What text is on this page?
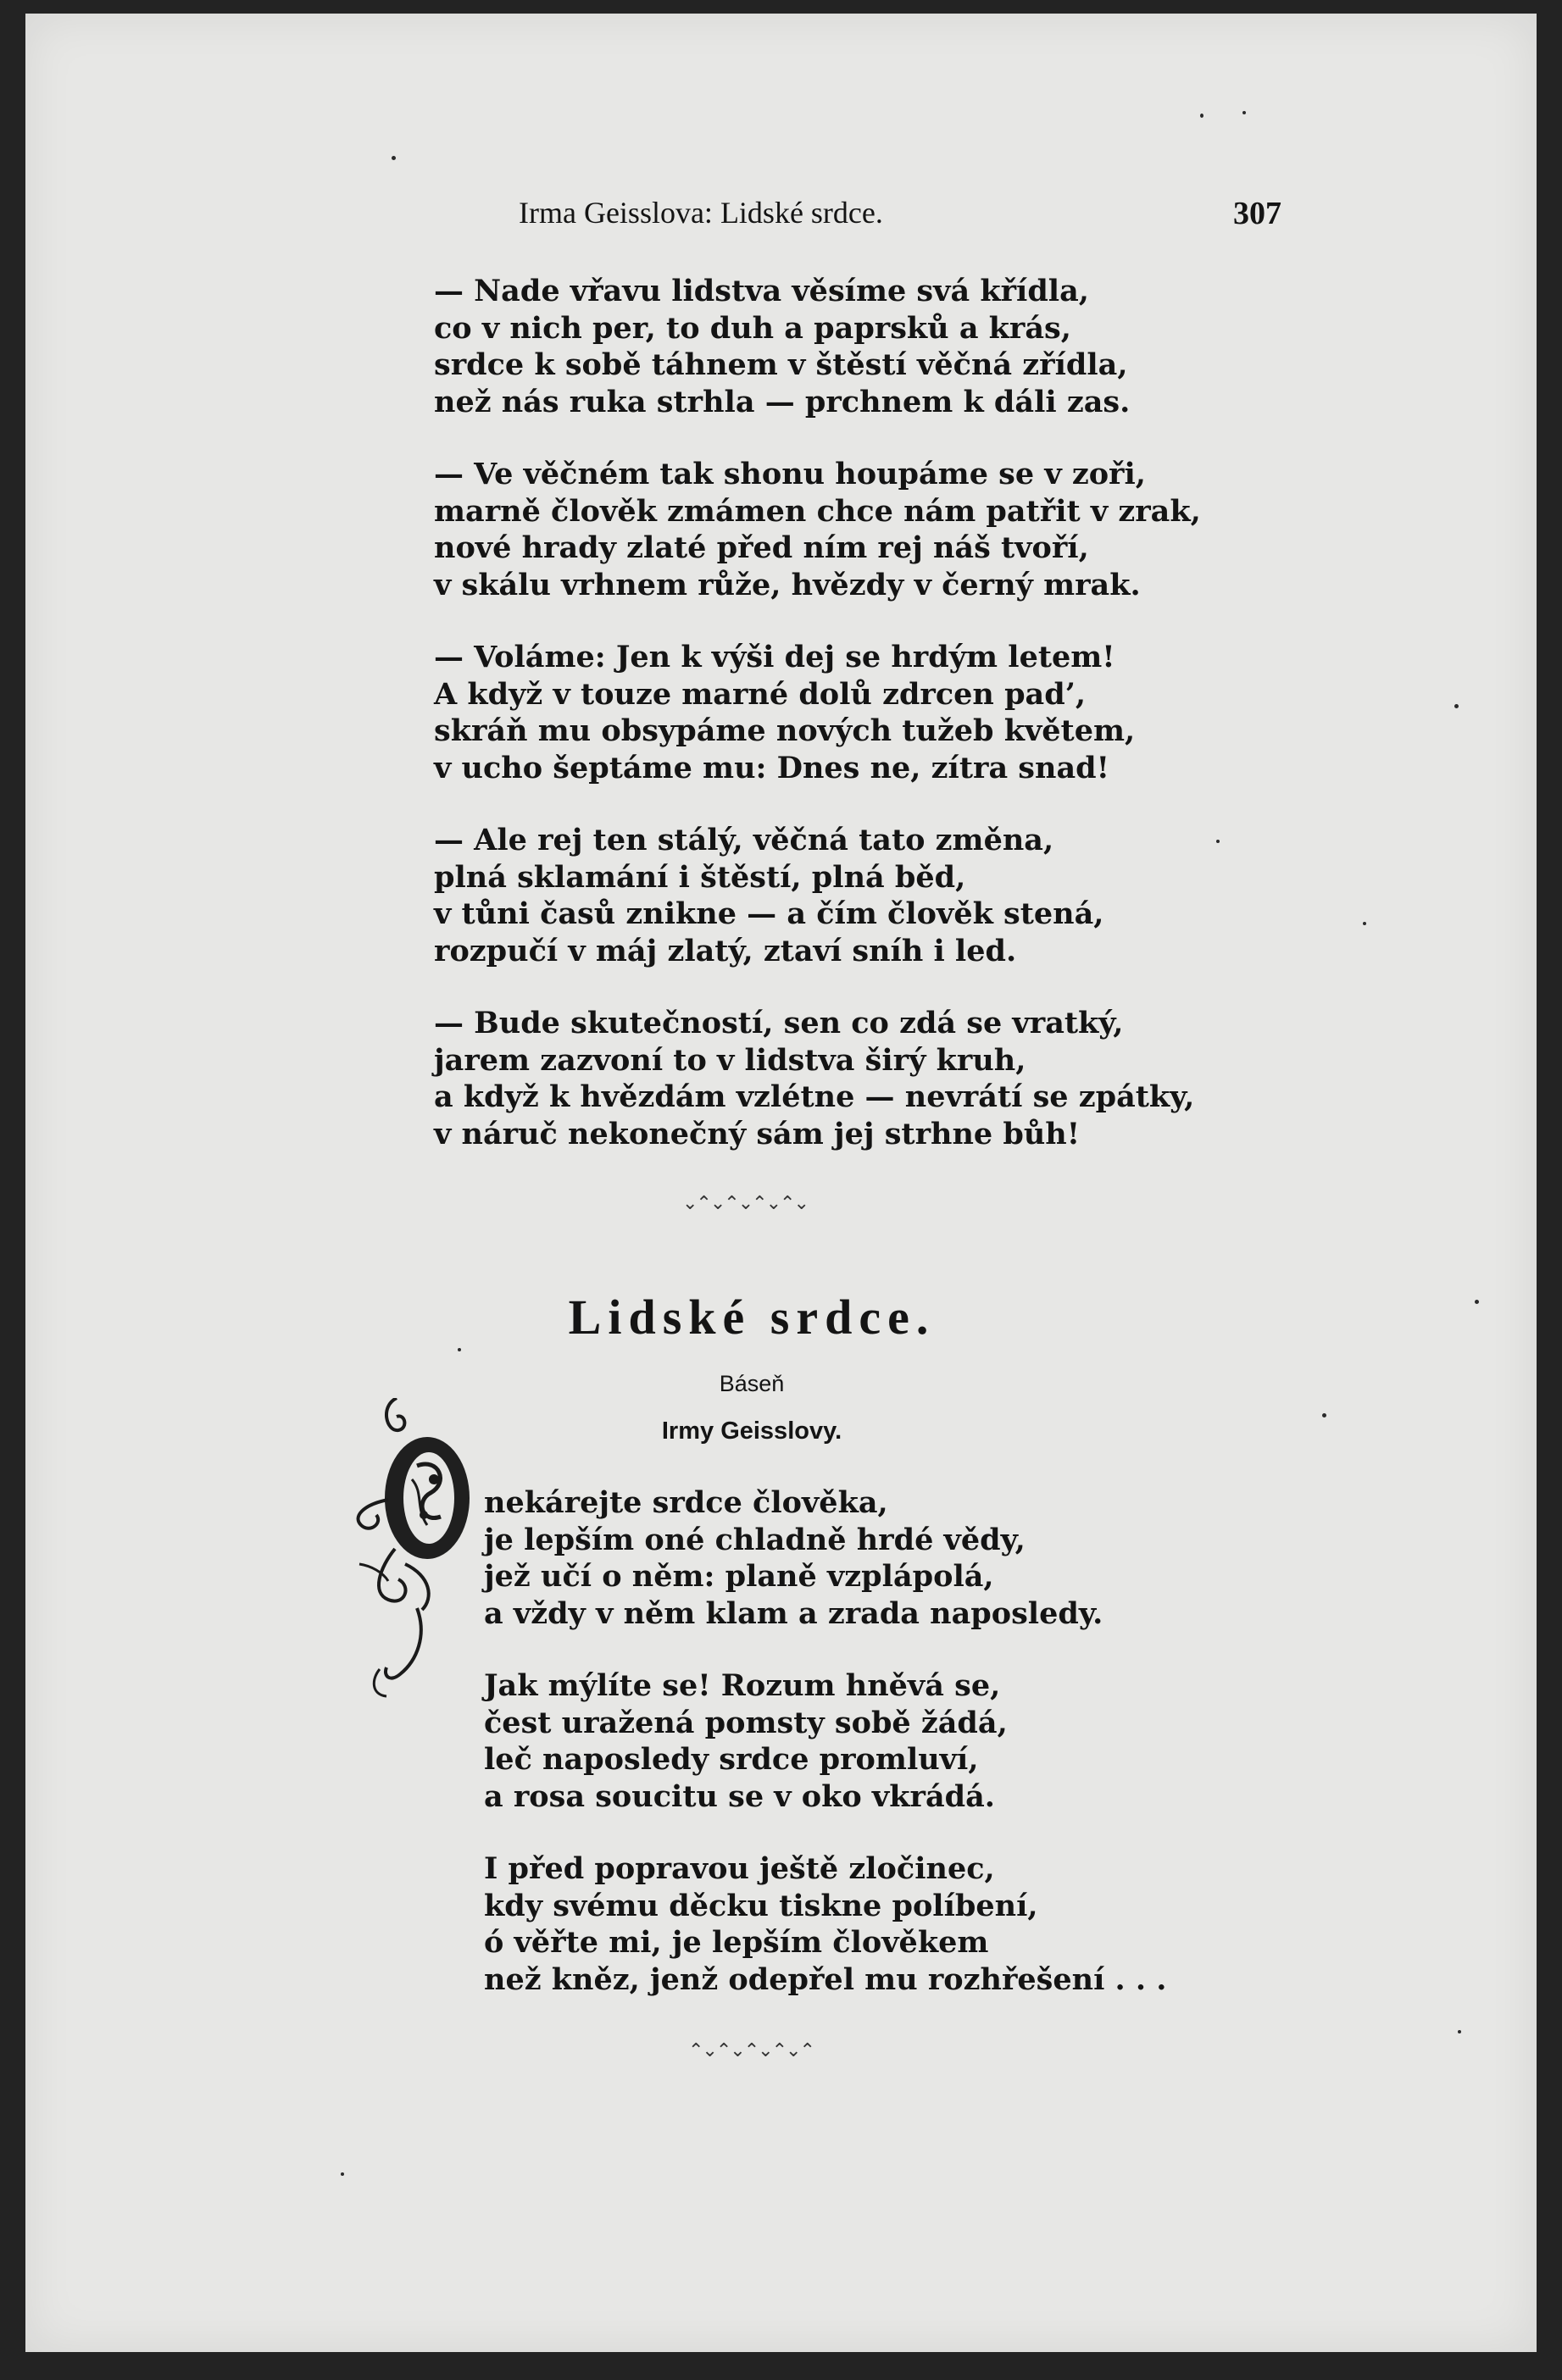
Irma Geisslova: Lidské srdce.	307
— Nade vřavu lidstva věsíme svá křídla,
co v nich per, to duh a paprsků a krás,
srdce k sobě táhnem v štěstí věčná zřídla,
než nás ruka strhla — prchnem k dáli zas.
— Ve věčném tak shonu houpáme se v zoři,
marně člověk zmámen chce nám patřit v zrak,
nové hrady zlaté před ním rej náš tvoří,
v skálu vrhnem růže, hvězdy v černý mrak.
— Voláme: Jen k výši dej se hrdým letem!
A když v touze marné dolů zdrcen pad’,
skráň mu obsypáme nových tužeb květem,
v ucho šeptáme mu: Dnes ne, zítra snad!
— Ale rej ten stálý, věčná tato změna,
plná sklamání i štěstí, plná běd,
v tůni časů znikne — a čím člověk stená,
rozpučí v máj zlatý, ztaví sníh i led.
— Bude skutečností, sen co zdá se vratký,
jarem zazvoní to v lidstva širý kruh,
a když k hvězdám vzlétne — nevrátí se zpátky,
v náruč nekonečný sám jej strhne bůh!
⌄⌃⌄⌃⌄⌃⌄⌃⌄
Lidské srdce.
Báseň
Irmy Geisslovy.
nekárejte srdce člověka,
je lepším oné chladně hrdé vědy,
jež učí o něm: planě vzplápolá,
a vždy v něm klam a zrada naposledy.
Jak mýlíte se! Rozum hněvá se,
čest uražená pomsty sobě žádá,
leč naposledy srdce promluví,
a rosa soucitu se v oko vkrádá.
I před popravou ještě zločinec,
kdy svému děcku tiskne políbení,
ó věřte mi, je lepším člověkem
než kněz, jenž odepřel mu rozhřešení . . .
⌃⌄⌃⌄⌃⌄⌃⌄⌃
